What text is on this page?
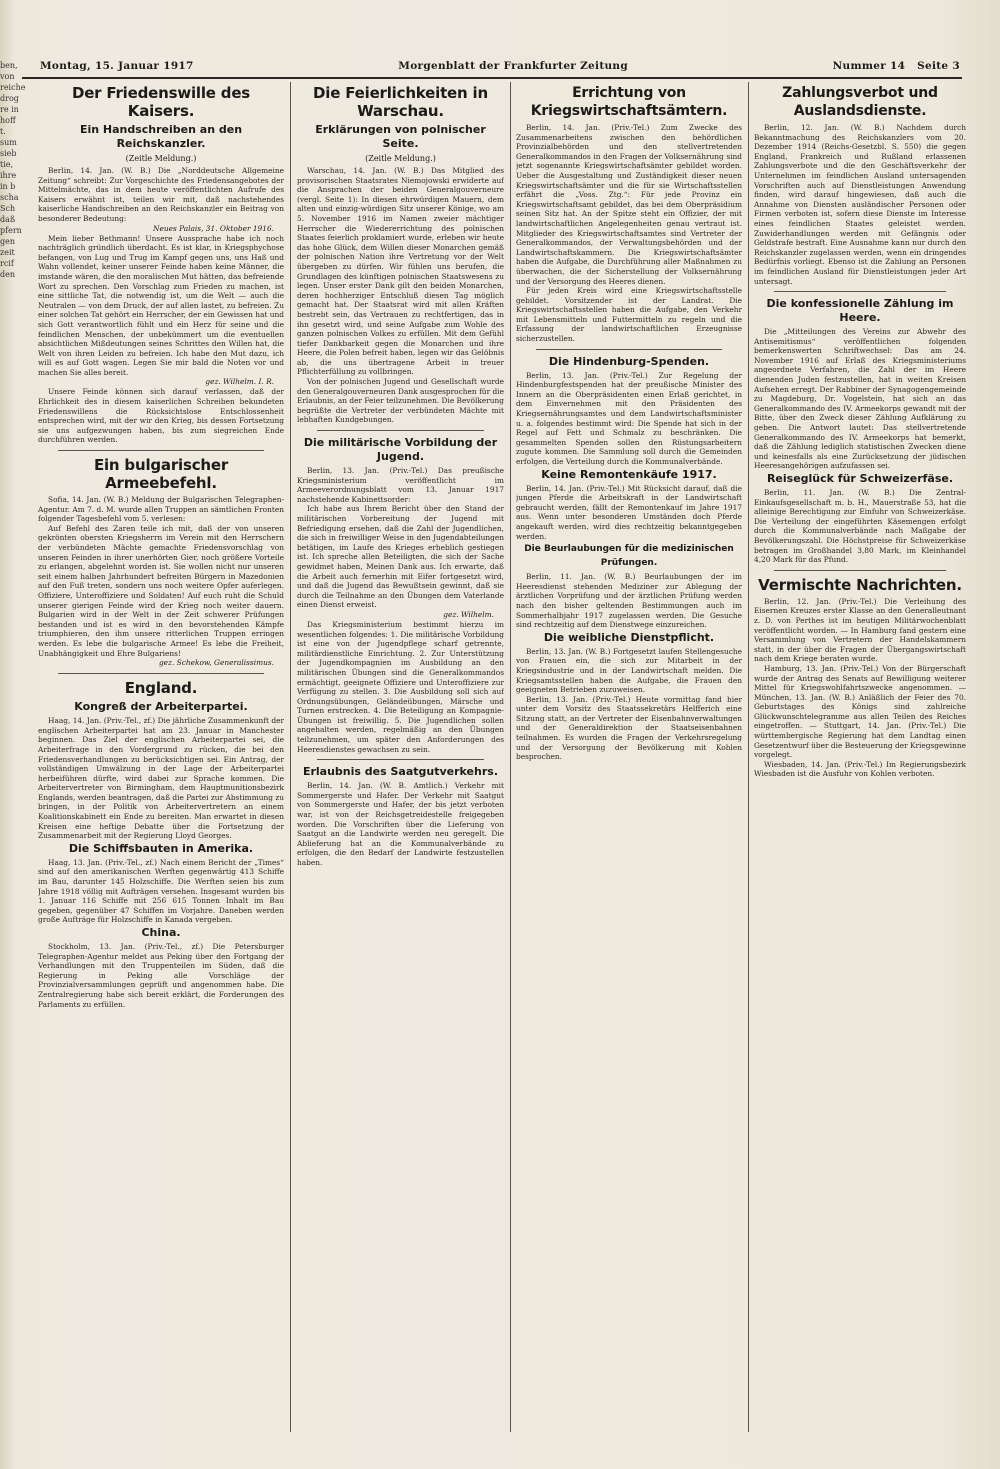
ben,
von
reiche
drog
re in
hoff
t.
sum
sieb
tie,
ihre
in b
scha
Sch
daß
pfern
gen
zeit
rcif
den
Montag, 15. Januar 1917	Morgenblatt der Frankfurter Zeitung	Nummer 14 Seite 3
Der Friedenswille des Kaisers.
Ein Handschreiben an den Reichskanzler.
(Zeitle Meldung.)

Berlin, 14. Jan. (W. B.) Die „Norddeutsche Allgemeine Zeitung“ schreibt: Zur Vorgeschichte des Friedensangebotes der Mittelmächte, das in dem heute veröffentlichten Aufrufe des Kaisers erwähnt ist, teilen wir mit, daß nachstehendes kaiserliche Handschreiben an den Reichskanzler ein Beitrag von besonderer Bedeutung:

Neues Palais, 31. Oktober 1916.

Mein lieber Bethmann! Unsere Aussprache habe ich noch nachträglich gründlich überdacht. Es ist klar, in Kriegsphychose befangen, von Lug und Trug im Kampf gegen uns, uns Haß und Wahn vollendet, keiner unserer Feinde haben keine Männer, die imstande wären, die den moralischen Mut hätten, das befreiende Wort zu sprechen. Den Vorschlag zum Frieden zu machen, ist eine sittliche Tat, die notwendig ist, um die Welt — auch die Neutralen — von dem Druck, der auf allen lastet, zu befreien. Zu einer solchen Tat gehört ein Herrscher, der ein Gewissen hat und sich Gott verantwortlich fühlt und ein Herz für seine und die feindlichen Menschen, der unbekümmert um die eventuellen absichtlichen Mißdeutungen seines Schrittes den Willen hat, die Welt von ihren Leiden zu befreien. Ich habe den Mut dazu, ich will es auf Gott wagen. Legen Sie mir bald die Noten vor und machen Sie alles bereit.

gez. Wilhelm. I. R.

Unsere Feinde können sich darauf verlassen, daß der Ehrlichkeit des in diesem kaiserlichen Schreiben bekundeten Friedenswillens die Rücksichtslose Entschlossenheit entsprechen wird, mit der wir den Krieg, bis dessen Fortsetzung sie uns aufgezwungen haben, bis zum siegreichen Ende durchführen werden.

Ein bulgarischer Armeebefehl.

Sofia, 14. Jan. (W. B.) Meldung der Bulgarischen Telegraphen-Agentur. Am 7. d. M. wurde allen Truppen an sämtlichen Fronten folgender Tagesbefehl vom 5. verlesen:

Auf Befehl des Zaren teile ich mit, daß der von unseren gekrönten obersten Kriegsherrn im Verein mit den Herrschern der verbündeten Mächte gemachte Friedensvorschlag von unseren Feinden in ihrer unerhörten Gier, noch größere Vorteile zu erlangen, abgelehnt worden ist. Sie wollen nicht nur unseren seit einem halben Jahrhundert befreiten Bürgern in Mazedonien auf den Fuß treten, sondern uns noch weitere Opfer auferlegen. Offiziere, Unteroffiziere und Soldaten! Auf euch ruht die Schuld unserer gierigen Feinde wird der Krieg noch weiter dauern. Bulgarien wird in der Welt in der Zeit schwerer Prüfungen bestanden und ist es wird in den bevorstehenden Kämpfe triumphieren, den ihm unsere ritterlichen Truppen erringen werden. Es lebe die bulgarische Armee! Es lebe die Freiheit, Unabhängigkeit und Ehre Bulgariens!

gez. Schekow, Generalissimus.
England.
Kongreß der Arbeiterpartei.

Haag, 14. Jan. (Priv.-Tel., zf.) Die jährliche Zusammenkunft der englischen Arbeiterpartei hat am 23. Januar in Manchester beginnen. Das Ziel der englischen Arbeiterpartei sei, die Arbeiterfrage in den Vordergrund zu rücken, die bei den Friedensverhandlungen zu berücksichtigen sei. Ein Antrag, der vollständigen Umwälzung in der Lage der Arbeiterpartei herbeiführen dürfte, wird dabei zur Sprache kommen. Die Arbeitervertreter von Birmingham, dem Hauptmunitionsbezirk Englands, werden beantragen, daß die Partei zur Abstimmung zu bringen, in der Politik von Arbeitervertretern an einem Koalitionskabinett ein Ende zu bereiten. Man erwartet in diesen Kreisen eine heftige Debatte über die Fortsetzung der Zusammenarbeit mit der Regierung Lloyd Georges.

Die Schiffsbauten in Amerika.

Haag, 13. Jan. (Priv.-Tel., zf.) Nach einem Bericht der „Times“ sind auf den amerikanischen Werften gegenwärtig 413 Schiffe im Bau, darunter 145 Holzschiffe. Die Werften seien bis zum Jahre 1918 völlig mit Aufträgen versehen. Insgesamt wurden bis 1. Januar 116 Schiffe mit 256 615 Tonnen Inhalt im Bau gegeben, gegenüber 47 Schiffen im Vorjahre. Daneben werden große Aufträge für Holzschiffe in Kanada vergeben.

China.

Stockholm, 13. Jan. (Priv.-Tel., zf.) Die Petersburger Telegraphen-Agentur meldet aus Peking über den Fortgang der Verhandlungen mit den Truppenteilen im Süden, daß die Regierung in Peking alle Vorschläge der Provinzialversammlungen geprüft und angenommen habe. Die Zentralregierung habe sich bereit erklärt, die Forderungen des Parlaments zu erfüllen.

Die Feierlichkeiten in Warschau.
Erklärungen von polnischer Seite.
(Zeitle Meldung.)

Warschau, 14. Jan. (W. B.) Das Mitglied des provisorischen Staatsrates Niemojowski erwiderte auf die Ansprachen der beiden Generalgouverneure (vergl. Seite 1): In diesen ehrwürdigen Mauern, dem alten und einzig-würdigen Sitz unserer Könige, wo am 5. November 1916 im Namen zweier mächtiger Herrscher die Wiedererrichtung des polnischen Staates feierlich proklamiert wurde, erleben wir heute das hohe Glück, dem Willen dieser Monarchen gemäß der polnischen Nation ihre Vertretung vor der Welt übergeben zu dürfen. Wir fühlen uns berufen, die Grundlagen des künftigen polnischen Staatswesens zu legen. Unser erster Dank gilt den beiden Monarchen, deren hochherziger Entschluß diesen Tag möglich gemacht hat. Der Staatsrat wird mit allen Kräften bestrebt sein, das Vertrauen zu rechtfertigen, das in ihn gesetzt wird, und seine Aufgabe zum Wohle des ganzen polnischen Volkes zu erfüllen. Mit dem Gefühl tiefer Dankbarkeit gegen die Monarchen und ihre Heere, die Polen befreit haben, legen wir das Gelöbnis ab, die uns übertragene Arbeit in treuer Pflichterfüllung zu vollbringen.

Von der polnischen Jugend und Gesellschaft wurde den Generalgouverneuren Dank ausgesprochen für die Erlaubnis, an der Feier teilzunehmen. Die Bevölkerung begrüßte die Vertreter der verbündeten Mächte mit lebhaften Kundgebungen.

Die militärische Vorbildung der Jugend.

Berlin, 13. Jan. (Priv.-Tel.) Das preußische Kriegsministerium veröffentlicht im Armeeverordnungsblatt vom 13. Januar 1917 nachstehende Kabinettsorder:

Ich habe aus Ihrem Bericht über den Stand der militärischen Vorbereitung der Jugend mit Befriedigung ersehen, daß die Zahl der Jugendlichen, die sich in freiwilliger Weise in den Jugendabteilungen betätigen, im Laufe des Krieges erheblich gestiegen ist. Ich spreche allen Beteiligten, die sich der Sache gewidmet haben, Meinen Dank aus. Ich erwarte, daß die Arbeit auch fernerhin mit Eifer fortgesetzt wird, und daß die Jugend das Bewußtsein gewinnt, daß sie durch die Teilnahme an den Übungen dem Vaterlande einen Dienst erweist.

gez. Wilhelm.

Das Kriegsministerium bestimmt hierzu im wesentlichen folgendes: 1. Die militärische Vorbildung ist eine von der Jugendpflege scharf getrennte, militärdienstliche Einrichtung. 2. Zur Unterstützung der Jugendkompagnien im Ausbildung an den militärischen Übungen sind die Generalkommandos ermächtigt, geeignete Offiziere und Unteroffiziere zur Verfügung zu stellen. 3. Die Ausbildung soll sich auf Ordnungsübungen, Geländeübungen, Märsche und Turnen erstrecken. 4. Die Beteiligung an Kompagnie-Übungen ist freiwillig. 5. Die Jugendlichen sollen angehalten werden, regelmäßig an den Übungen teilzunehmen, um später den Anforderungen des Heeresdienstes gewachsen zu sein.

Erlaubnis des Saatgutverkehrs.

Berlin, 14. Jan. (W. B. Amtlich.) Verkehr mit Sommergerste und Hafer. Der Verkehr mit Saatgut von Sommergerste und Hafer, der bis jetzt verboten war, ist von der Reichsgetreidestelle freigegeben worden. Die Vorschriften über die Lieferung von Saatgut an die Landwirte werden neu geregelt. Die Ablieferung hat an die Kommunalverbände zu erfolgen, die den Bedarf der Landwirte festzustellen haben.

Errichtung von Kriegswirtschaftsämtern.

Berlin, 14. Jan. (Priv.-Tel.) Zum Zwecke des Zusammenarbeitens zwischen den behördlichen Provinzialbehörden und den stellvertretenden Generalkommandos in den Fragen der Volksernährung sind jetzt sogenannte Kriegswirtschaftsämter gebildet worden. Ueber die Ausgestaltung und Zuständigkeit dieser neuen Kriegswirtschaftsämter und die für sie Wirtschaftsstellen erfährt die „Voss. Ztg.“: Für jede Provinz ein Kriegswirtschaftsamt gebildet, das bei dem Oberpräsidium seinen Sitz hat. An der Spitze steht ein Offizier, der mit landwirtschaftlichen Angelegenheiten genau vertraut ist. Mitglieder des Kriegswirtschaftsamtes sind Vertreter der Generalkommandos, der Verwaltungsbehörden und der Landwirtschaftskammern. Die Kriegswirtschaftsämter haben die Aufgabe, die Durchführung aller Maßnahmen zu überwachen, die der Sicherstellung der Volksernährung und der Versorgung des Heeres dienen.

Für jeden Kreis wird eine Kriegswirtschaftsstelle gebildet. Vorsitzender ist der Landrat. Die Kriegswirtschaftsstellen haben die Aufgabe, den Verkehr mit Lebensmitteln und Futtermitteln zu regeln und die Erfassung der landwirtschaftlichen Erzeugnisse sicherzustellen.

Die Hindenburg-Spenden.

Berlin, 13. Jan. (Priv.-Tel.) Zur Regelung der Hindenburgfestspenden hat der preußische Minister des Innern an die Oberpräsidenten einen Erlaß gerichtet, in dem Einvernehmen mit den Präsidenten des Kriegsernährungsamtes und dem Landwirtschaftsminister u. a. folgendes bestimmt wird: Die Spende hat sich in der Regel auf Fett und Schmalz zu beschränken. Die gesammelten Spenden sollen den Rüstungsarbeitern zugute kommen. Die Sammlung soll durch die Gemeinden erfolgen, die Verteilung durch die Kommunalverbände.

Keine Remontenkäufe 1917.

Berlin, 14. Jan. (Priv.-Tel.) Mit Rücksicht darauf, daß die jungen Pferde die Arbeitskraft in der Landwirtschaft gebraucht werden, fällt der Remontenkauf im Jahre 1917 aus. Wenn unter besonderen Umständen doch Pferde angekauft werden, wird dies rechtzeitig bekanntgegeben werden.

Die Beurlaubungen für die medizinischen Prüfungen.

Berlin, 11. Jan. (W. B.) Beurlaubungen der im Heeresdienst stehenden Mediziner zur Ablegung der ärztlichen Vorprüfung und der ärztlichen Prüfung werden nach den bisher geltenden Bestimmungen auch im Sommerhalbjahr 1917 zugelassen werden. Die Gesuche sind rechtzeitig auf dem Dienstwege einzureichen.

Die weibliche Dienstpflicht.

Berlin, 13. Jan. (W. B.) Fortgesetzt laufen Stellengesuche von Frauen ein, die sich zur Mitarbeit in der Kriegsindustrie und in der Landwirtschaft melden. Die Kriegsamtsstellen haben die Aufgabe, die Frauen den geeigneten Betrieben zuzuweisen.

Berlin, 13. Jan. (Priv.-Tel.) Heute vormittag fand hier unter dem Vorsitz des Staatssekretärs Helfferich eine Sitzung statt, an der Vertreter der Eisenbahnverwaltungen und der Generaldirektion der Staatseisenbahnen teilnahmen. Es wurden die Fragen der Verkehrsregelung und der Versorgung der Bevölkerung mit Kohlen besprochen.

Zahlungsverbot und Auslandsdienste.

Berlin, 12. Jan. (W. B.) Nachdem durch Bekanntmachung des Reichskanzlers vom 20. Dezember 1914 (Reichs-Gesetzbl. S. 550) die gegen England, Frankreich und Rußland erlassenen Zahlungsverbote und die den Geschäftsverkehr der Unternehmen im feindlichen Ausland untersagenden Vorschriften auch auf Dienstleistungen Anwendung finden, wird darauf hingewiesen, daß auch die Annahme von Diensten ausländischer Personen oder Firmen verboten ist, sofern diese Dienste im Interesse eines feindlichen Staates geleistet werden. Zuwiderhandlungen werden mit Gefängnis oder Geldstrafe bestraft. Eine Ausnahme kann nur durch den Reichskanzler zugelassen werden, wenn ein dringendes Bedürfnis vorliegt. Ebenso ist die Zahlung an Personen im feindlichen Ausland für Dienstleistungen jeder Art untersagt.

Die konfessionelle Zählung im Heere.

Die „Mitteilungen des Vereins zur Abwehr des Antisemitismus“ veröffentlichen folgenden bemerkenswerten Schriftwechsel: Das am 24. November 1916 auf Erlaß des Kriegsministeriums angeordnete Verfahren, die Zahl der im Heere dienenden Juden festzustellen, hat in weiten Kreisen Aufsehen erregt. Der Rabbiner der Synagogengemeinde zu Magdeburg, Dr. Vogelstein, hat sich an das Generalkommando des IV. Armeekorps gewandt mit der Bitte, über den Zweck dieser Zählung Aufklärung zu geben. Die Antwort lautet: Das stellvertretende Generalkommando des IV. Armeekorps hat bemerkt, daß die Zählung lediglich statistischen Zwecken diene und keinesfalls als eine Zurücksetzung der jüdischen Heeresangehörigen aufzufassen sei.

Reiseglück für Schweizerfäse.

Berlin, 11. Jan. (W. B.) Die Zentral-Einkaufsgesellschaft m. b. H., Mauerstraße 53, hat die alleinige Berechtigung zur Einfuhr von Schweizerkäse. Die Verteilung der eingeführten Käsemengen erfolgt durch die Kommunalverbände nach Maßgabe der Bevölkerungszahl. Die Höchstpreise für Schweizerkäse betragen im Großhandel 3,80 Mark, im Kleinhandel 4,20 Mark für das Pfund.

Vermischte Nachrichten.

Berlin, 12. Jan. (Priv.-Tel.) Die Verleihung des Eisernen Kreuzes erster Klasse an den Generalleutnant z. D. von Perthes ist im heutigen Militärwochenblatt veröffentlicht worden. — In Hamburg fand gestern eine Versammlung von Vertretern der Handelskammern statt, in der über die Fragen der Übergangswirtschaft nach dem Kriege beraten wurde.

Hamburg, 13. Jan. (Priv.-Tel.) Von der Bürgerschaft wurde der Antrag des Senats auf Bewilligung weiterer Mittel für Kriegswohlfahrtszwecke angenommen. — München, 13. Jan. (W. B.) Anläßlich der Feier des 70. Geburtstages des Königs sind zahlreiche Glückwunschtelegramme aus allen Teilen des Reiches eingetroffen. — Stuttgart, 14. Jan. (Priv.-Tel.) Die württembergische Regierung hat dem Landtag einen Gesetzentwurf über die Besteuerung der Kriegsgewinne vorgelegt.

Wiesbaden, 14. Jan. (Priv.-Tel.) Im Regierungsbezirk Wiesbaden ist die Ausfuhr von Kohlen verboten.
